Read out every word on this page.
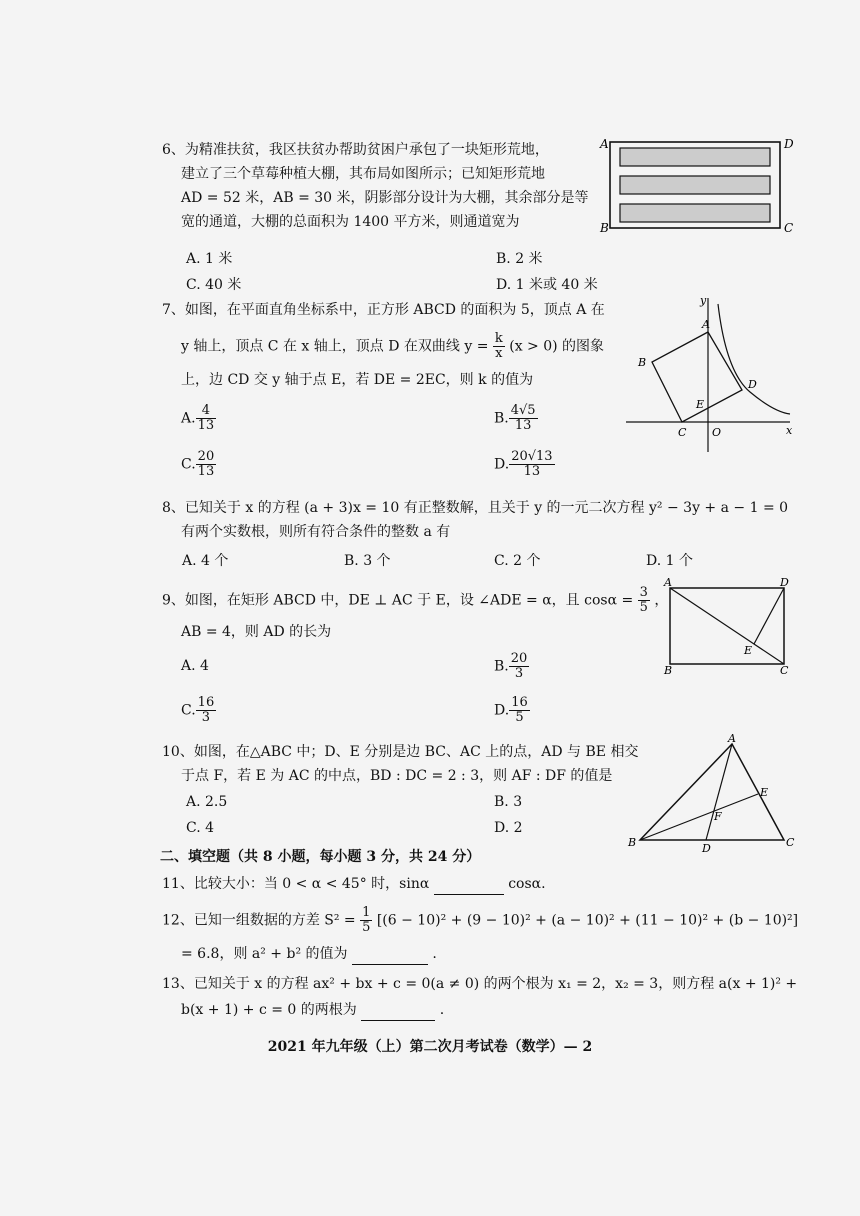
6、为精准扶贫，我区扶贫办帮助贫困户承包了一块矩形荒地，
建立了三个草莓种植大棚，其布局如图所示；已知矩形荒地
AD = 52 米，AB = 30 米，阴影部分设计为大棚，其余部分是等
宽的通道，大棚的总面积为 1400 平方米，则通道宽为
A. 1 米	B. 2 米
C. 40 米	D. 1 米或 40 米
A	D
B	C
7、如图，在平面直角坐标系中，正方形 ABCD 的面积为 5，顶点 A 在
y 轴上，顶点 C 在 x 轴上，顶点 D 在双曲线 $y = \frac{k}{x} (x > 0)$ 的图象
上，边 CD 交 y 轴于点 E，若 DE = 2EC，则 k 的值为
A. $\frac{4}{13}$	B. $\frac{4√5}{13}$
C. $\frac{20}{13}$	D. $\frac{20√13}{13}$
y
x
A
B
C
D
E
O
8、已知关于 x 的方程 (a + 3)x = 10 有正整数解，且关于 y 的一元二次方程 y² − 3y + a − 1 = 0
有两个实数根，则所有符合条件的整数 a 有
A. 4 个	B. 3 个	C. 2 个	D. 1 个
9、如图，在矩形 ABCD 中，DE ⊥ AC 于 E，设 ∠ADE = α，且 $\cos\alpha = \frac{3}{5}$ ，
AB = 4，则 AD 的长为
A. 4	B. $\frac{20}{3}$
C. $\frac{16}{3}$	D. $\frac{16}{5}$
A	D
B	C
E
10、如图，在△ABC 中；D、E 分别是边 BC、AC 上的点，AD 与 BE 相交
于点 F，若 E 为 AC 的中点，BD : DC = 2 : 3，则 AF : DF 的值是
A. 2.5	B. 3
C. 4	D. 2
A
B	C
D
E
F
二、填空题（共 8 小题，每小题 3 分，共 24 分）
11、比较大小：当 0 < α < 45° 时，sinα	cosα.
12、已知一组数据的方差 $S^2 = \frac{1}{5} [(6 - 10)^2 + (9 - 10)^2 + (a - 10)^2 + (11 - 10)^2 + (b - 10)^2]$
= 6.8，则 a² + b² 的值为	.
13、已知关于 x 的方程 ax² + bx + c = 0(a ≠ 0) 的两个根为 x₁ = 2，x₂ = 3，则方程 a(x + 1)² +
b(x + 1) + c = 0 的两根为	.
2021 年九年级（上）第二次月考试卷（数学）— 2
